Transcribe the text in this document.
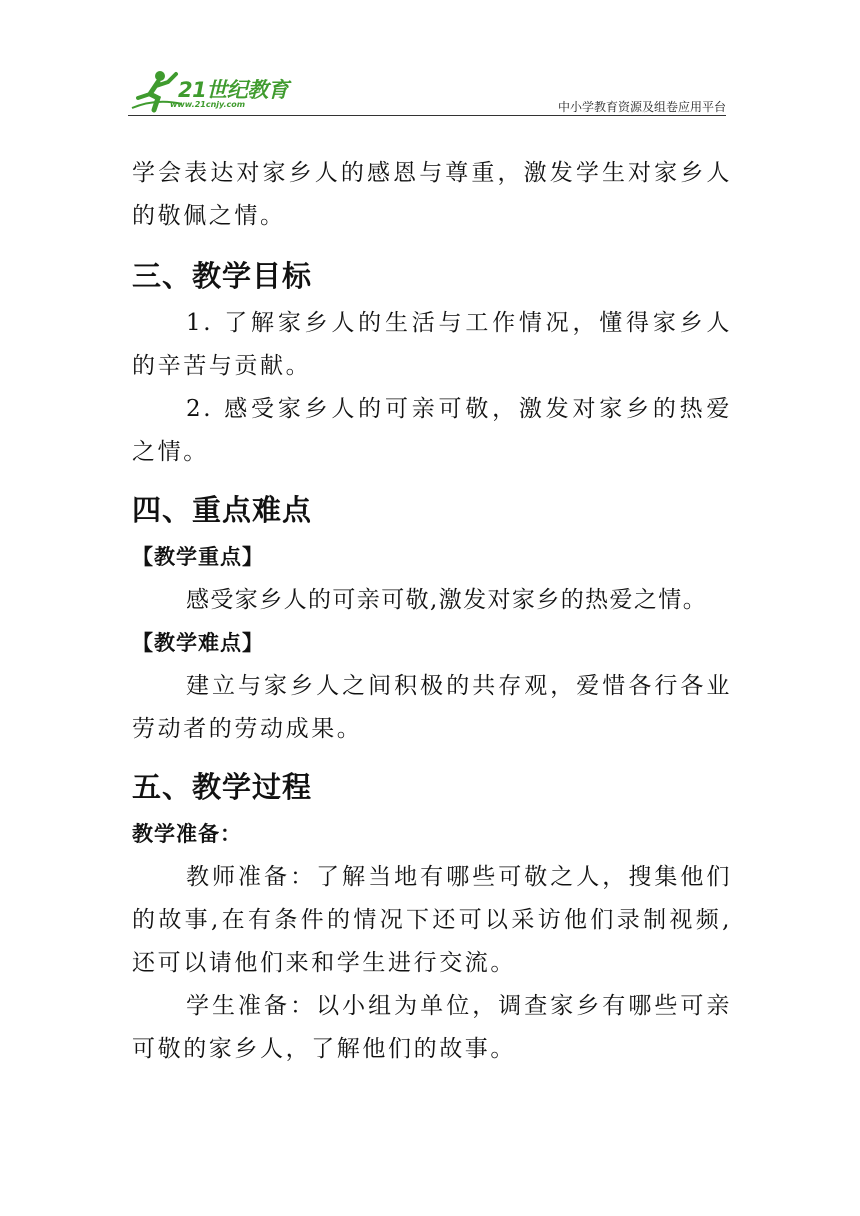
21世纪教育
www.21cnjy.com	中小学教育资源及组卷应用平台

学会表达对家乡人的感恩与尊重，激发学生对家乡人的敬佩之情。

三、教学目标

1. 了解家乡人的生活与工作情况，懂得家乡人的辛苦与贡献。

2. 感受家乡人的可亲可敬，激发对家乡的热爱之情。

四、重点难点

【教学重点】

感受家乡人的可亲可敬,激发对家乡的热爱之情。

【教学难点】

建立与家乡人之间积极的共存观，爱惜各行各业劳动者的劳动成果。

五、教学过程

教学准备：

教师准备：了解当地有哪些可敬之人，搜集他们的故事,在有条件的情况下还可以采访他们录制视频,还可以请他们来和学生进行交流。

学生准备：以小组为单位，调查家乡有哪些可亲可敬的家乡人，了解他们的故事。
